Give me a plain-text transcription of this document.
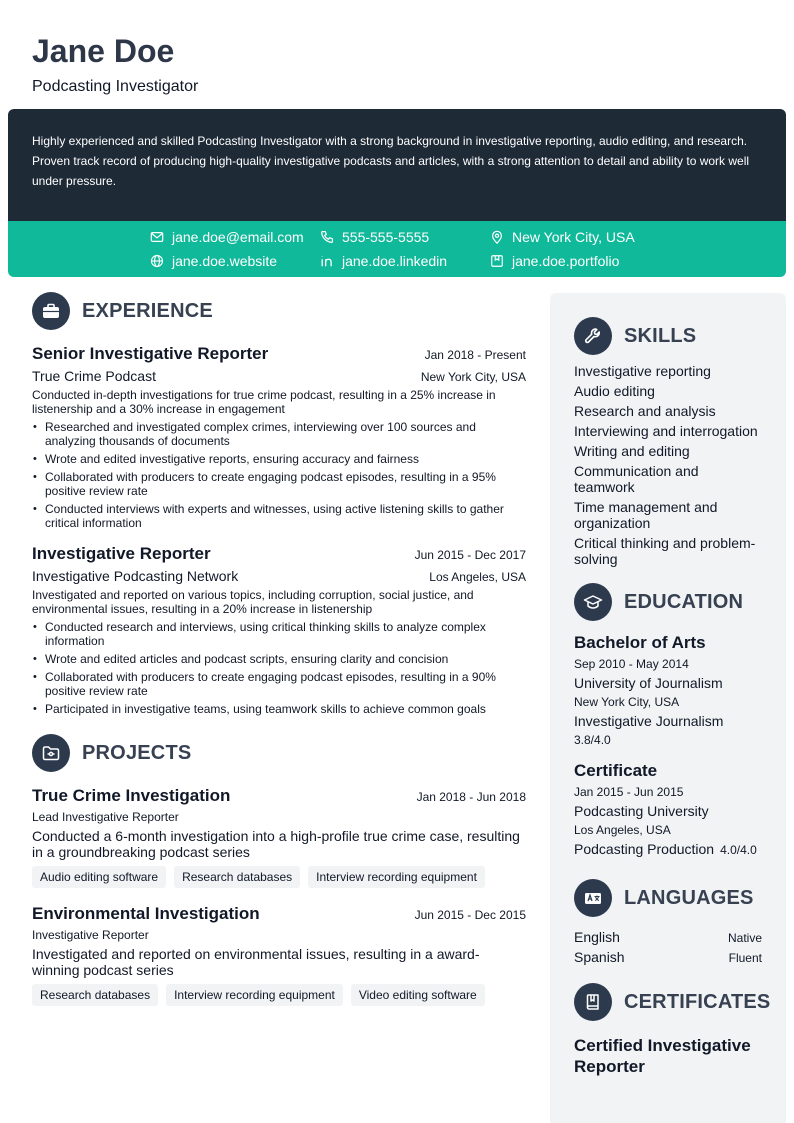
Jane Doe
Podcasting Investigator

Highly experienced and skilled Podcasting Investigator with a strong background in investigative reporting, audio editing, and research. Proven track record of producing high-quality investigative podcasts and articles, with a strong attention to detail and ability to work well under pressure.

jane.doe@email.com	555-555-5555	New York City, USA
jane.doe.website	jane.doe.linkedin	jane.doe.portfolio
EXPERIENCE
Senior Investigative Reporter	Jan 2018 - Present
True Crime Podcast	New York City, USA
Conducted in-depth investigations for true crime podcast, resulting in a 25% increase in listenership and a 30% increase in engagement
• Researched and investigated complex crimes, interviewing over 100 sources and analyzing thousands of documents
• Wrote and edited investigative reports, ensuring accuracy and fairness
• Collaborated with producers to create engaging podcast episodes, resulting in a 95% positive review rate
• Conducted interviews with experts and witnesses, using active listening skills to gather critical information
Investigative Reporter	Jun 2015 - Dec 2017
Investigative Podcasting Network	Los Angeles, USA
Investigated and reported on various topics, including corruption, social justice, and environmental issues, resulting in a 20% increase in listenership
• Conducted research and interviews, using critical thinking skills to analyze complex information
• Wrote and edited articles and podcast scripts, ensuring clarity and concision
• Collaborated with producers to create engaging podcast episodes, resulting in a 90% positive review rate
• Participated in investigative teams, using teamwork skills to achieve common goals
PROJECTS
True Crime Investigation	Jan 2018 - Jun 2018
Lead Investigative Reporter
Conducted a 6-month investigation into a high-profile true crime case, resulting in a groundbreaking podcast series
Audio editing software	Research databases	Interview recording equipment
Environmental Investigation	Jun 2015 - Dec 2015
Investigative Reporter
Investigated and reported on environmental issues, resulting in a award-winning podcast series
Research databases	Interview recording equipment	Video editing software
SKILLS
Investigative reporting
Audio editing
Research and analysis
Interviewing and interrogation
Writing and editing
Communication and teamwork
Time management and organization
Critical thinking and problem-solving
EDUCATION
Bachelor of Arts
Sep 2010 - May 2014
University of Journalism
New York City, USA
Investigative Journalism
3.8/4.0
Certificate
Jan 2015 - Jun 2015
Podcasting University
Los Angeles, USA
Podcasting Production 4.0/4.0
LANGUAGES
English	Native
Spanish	Fluent
CERTIFICATES
Certified Investigative Reporter
